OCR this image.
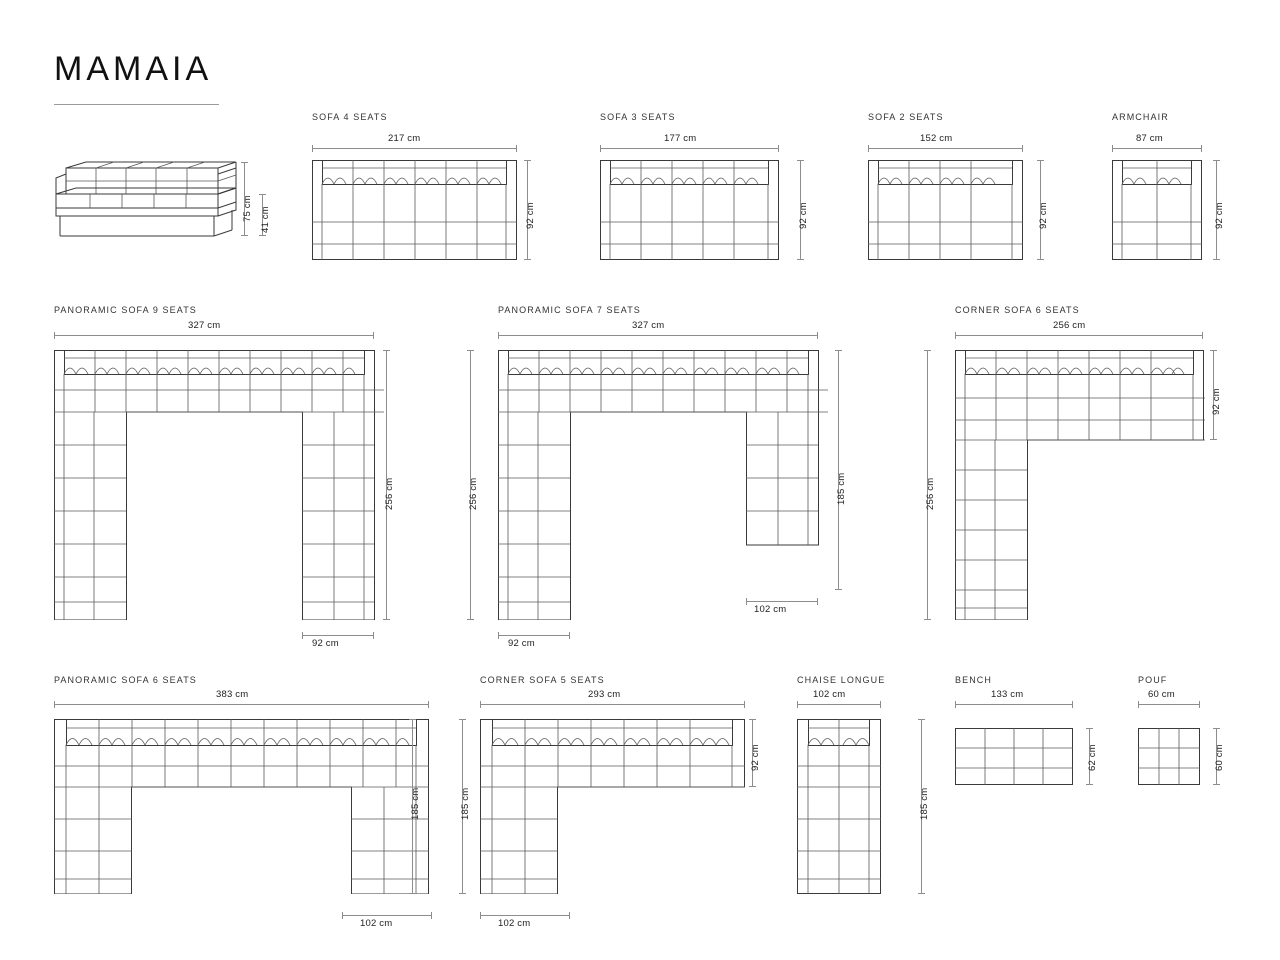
MAMAIA
75 cm 41 cm
SOFA 4 SEATS
217 cm
92 cm
SOFA 3 SEATS
177 cm
92 cm
SOFA 2 SEATS
152 cm
92 cm
ARMCHAIR
87 cm
92 cm
PANORAMIC SOFA 9 SEATS
327 cm
256 cm
92 cm
PANORAMIC SOFA 7 SEATS
327 cm
185 cm
256 cm
102 cm
92 cm
CORNER SOFA 6 SEATS
256 cm
92 cm
256 cm
PANORAMIC SOFA 6 SEATS
383 cm
185 cm
102 cm
CORNER SOFA 5 SEATS
293 cm
92 cm
185 cm
102 cm
CHAISE LONGUE
102 cm
185 cm
BENCH
133 cm
62 cm
POUF
60 cm
60 cm
